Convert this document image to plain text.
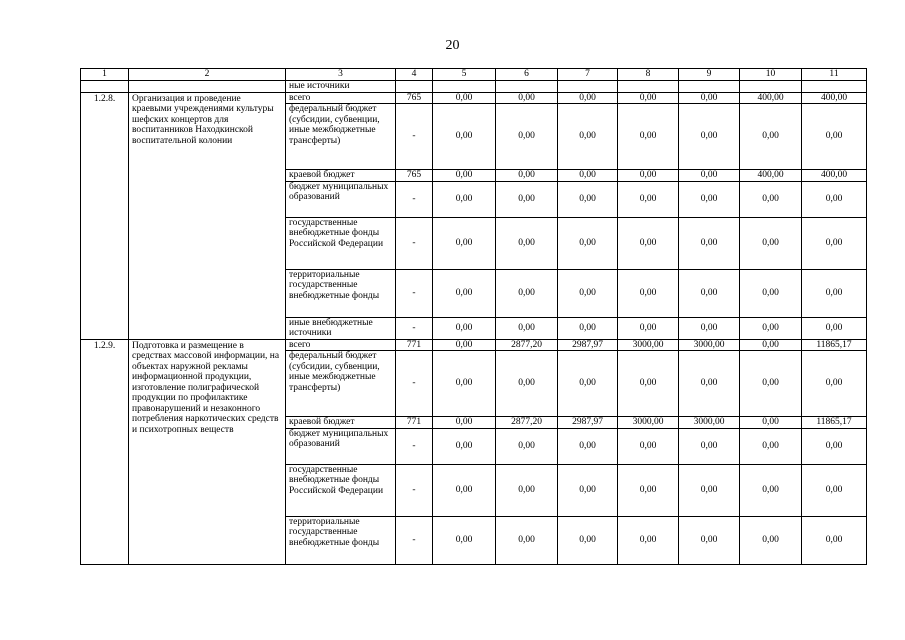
20
1	2	3	4	5	6	7	8	9	10	11
		ные источники								
1.2.8.	Организация и проведение краевыми учреждениями культуры шефских концертов для воспитанников Находкинской воспитательной колонии	всего	765	0,00	0,00	0,00	0,00	0,00	400,00	400,00
		федеральный бюджет (субсидии, субвенции, иные межбюджетные трансферты)	-	0,00	0,00	0,00	0,00	0,00	0,00	0,00
		краевой бюджет	765	0,00	0,00	0,00	0,00	0,00	400,00	400,00
		бюджет муниципальных образований	-	0,00	0,00	0,00	0,00	0,00	0,00	0,00
		государственные внебюджетные фонды Российской Федерации	-	0,00	0,00	0,00	0,00	0,00	0,00	0,00
		территориальные государственные внебюджетные фонды	-	0,00	0,00	0,00	0,00	0,00	0,00	0,00
		иные внебюджетные источники	-	0,00	0,00	0,00	0,00	0,00	0,00	0,00
1.2.9.	Подготовка и размещение в средствах массовой информации, на объектах наружной рекламы информационной продукции, изготовление полиграфической продукции по профилактике правонарушений и незаконного потребления наркотических средств и психотропных веществ	всего	771	0,00	2877,20	2987,97	3000,00	3000,00	0,00	11865,17
		федеральный бюджет (субсидии, субвенции, иные межбюджетные трансферты)	-	0,00	0,00	0,00	0,00	0,00	0,00	0,00
		краевой бюджет	771	0,00	2877,20	2987,97	3000,00	3000,00	0,00	11865,17
		бюджет муниципальных образований	-	0,00	0,00	0,00	0,00	0,00	0,00	0,00
		государственные внебюджетные фонды Российской Федерации	-	0,00	0,00	0,00	0,00	0,00	0,00	0,00
		территориальные государственные внебюджетные фонды	-	0,00	0,00	0,00	0,00	0,00	0,00	0,00
